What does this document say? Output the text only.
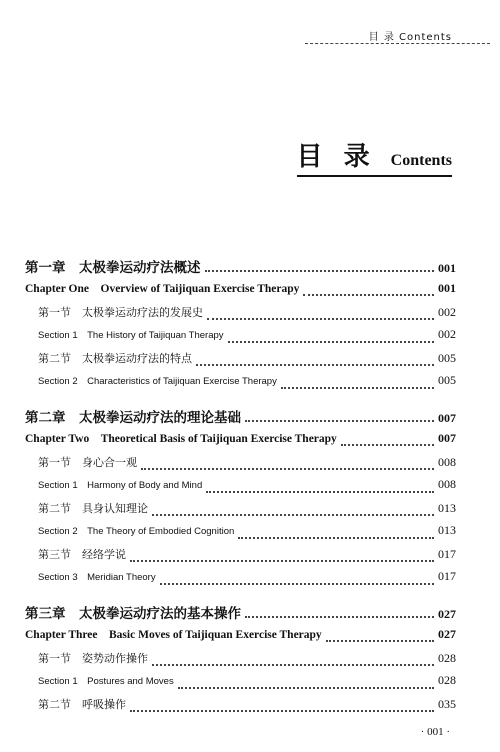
目 录 Contents
目 录 Contents
第一章　太极拳运动疗法概述	001
Chapter One　Overview of Taijiquan Exercise Therapy	001
第一节　太极拳运动疗法的发展史	002
Section 1　The History of Taijiquan Therapy	002
第二节　太极拳运动疗法的特点	005
Section 2　Characteristics of Taijiquan Exercise Therapy	005
第二章　太极拳运动疗法的理论基础	007
Chapter Two　Theoretical Basis of Taijiquan Exercise Therapy	007
第一节　身心合一观	008
Section 1　Harmony of Body and Mind	008
第二节　具身认知理论	013
Section 2　The Theory of Embodied Cognition	013
第三节　经络学说	017
Section 3　Meridian Theory	017
第三章　太极拳运动疗法的基本操作	027
Chapter Three　Basic Moves of Taijiquan Exercise Therapy	027
第一节　姿势动作操作	028
Section 1　Postures and Moves	028
第二节　呼吸操作	035
· 001 ·
